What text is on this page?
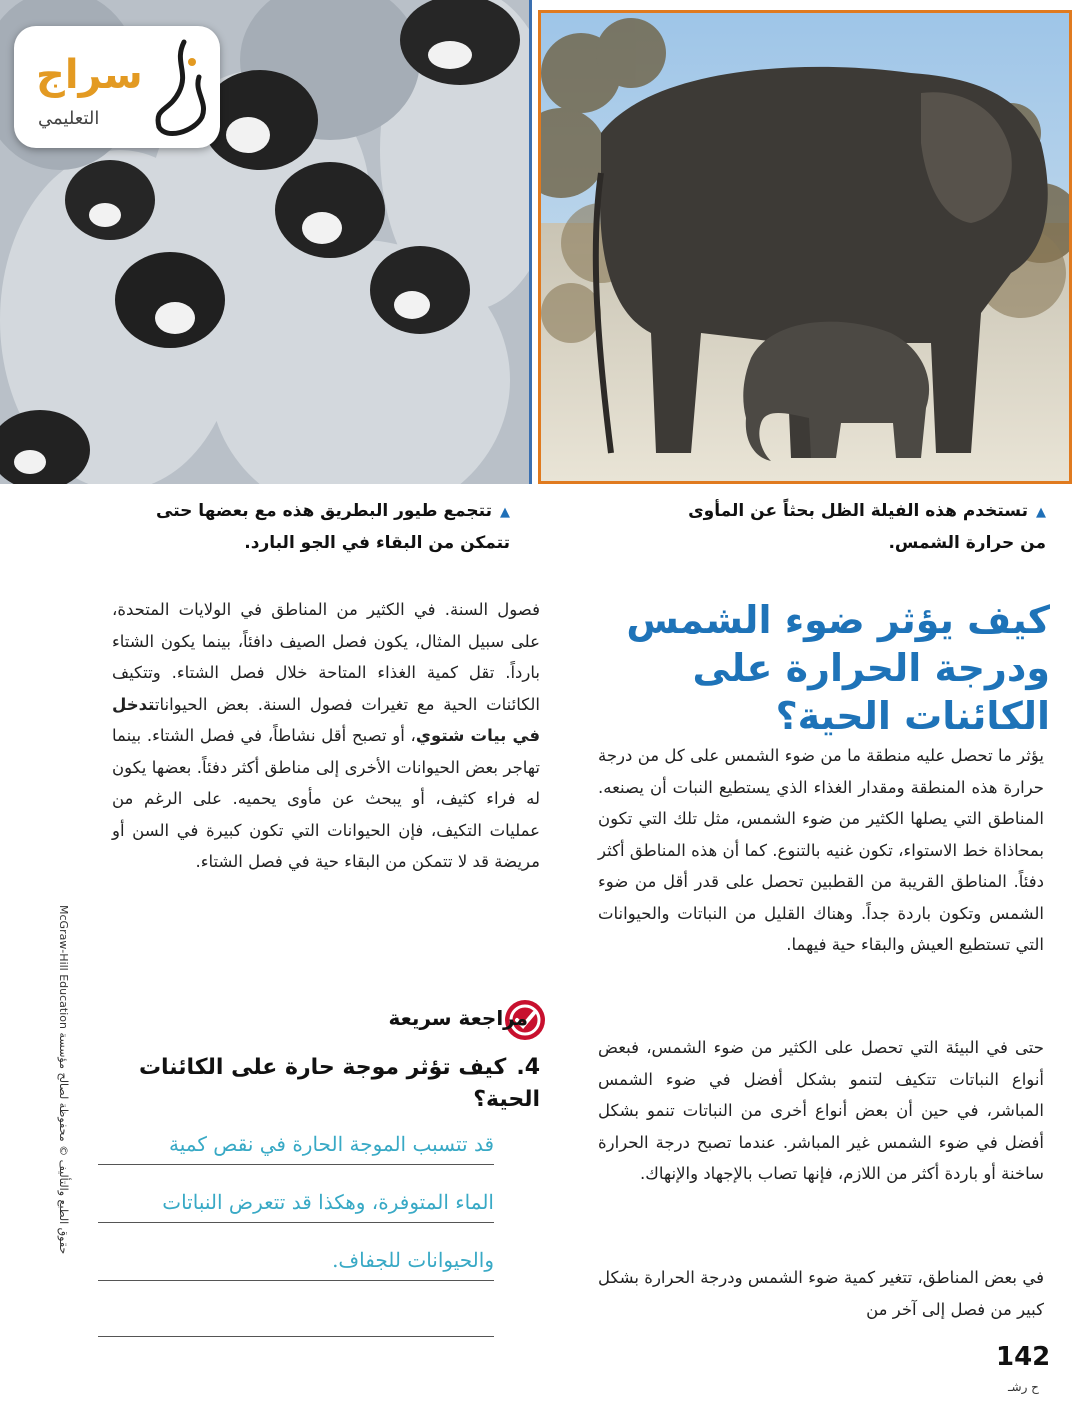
سراج
التعليمي
▲تستخدم هذه الفيلة الظل بحثاً عن المأوى من حرارة الشمس.
▲تتجمع طيور البطريق هذه مع بعضها حتى تتمكن من البقاء في الجو البارد.
كيف يؤثر ضوء الشمس ودرجة الحرارة على الكائنات الحية؟
يؤثر ما تحصل عليه منطقة ما من ضوء الشمس على كل من درجة حرارة هذه المنطقة ومقدار الغذاء الذي يستطيع النبات أن يصنعه. المناطق التي يصلها الكثير من ضوء الشمس، مثل تلك التي تكون بمحاذاة خط الاستواء، تكون غنيه بالتنوع. كما أن هذه المناطق أكثر دفئاً. المناطق القريبة من القطبين تحصل على قدر أقل من ضوء الشمس وتكون باردة جداً. وهناك القليل من النباتات والحيوانات التي تستطيع العيش والبقاء حية فيهما.
حتى في البيئة التي تحصل على الكثير من ضوء الشمس، فبعض أنواع النباتات تتكيف لتنمو بشكل أفضل في ضوء الشمس المباشر، في حين أن بعض أنواع أخرى من النباتات تنمو بشكل أفضل في ضوء الشمس غير المباشر. عندما تصبح درجة الحرارة ساخنة أو باردة أكثر من اللازم، فإنها تصاب بالإجهاد والإنهاك.
في بعض المناطق، تتغير كمية ضوء الشمس ودرجة الحرارة بشكل كبير من فصل إلى آخر من
فصول السنة. في الكثير من المناطق في الولايات المتحدة، على سبيل المثال، يكون فصل الصيف دافئاً، بينما يكون الشتاء بارداً. تقل كمية الغذاء المتاحة خلال فصل الشتاء. وتتكيف الكائنات الحية مع تغيرات فصول السنة. بعض الحيواناتتدخل في بيات شتوي، أو تصبح أقل نشاطاً، في فصل الشتاء. بينما تهاجر بعض الحيوانات الأخرى إلى مناطق أكثر دفئاً. بعضها يكون له فراء كثيف، أو يبحث عن مأوى يحميه. على الرغم من عمليات التكيف، فإن الحيوانات التي تكون كبيرة في السن أو مريضة قد لا تتمكن من البقاء حية في فصل الشتاء.
مراجعة سريعة
4.كيف تؤثر موجة حارة على الكائنات الحية؟
قد تتسبب الموجة الحارة في نقص كمية
الماء المتوفرة، وهكذا قد تتعرض النباتات
والحيوانات للجفاف.
McGraw-Hill Education حقوق الطبع والتأليف © محفوظة لصالح مؤسسة
142
ح رشـ
